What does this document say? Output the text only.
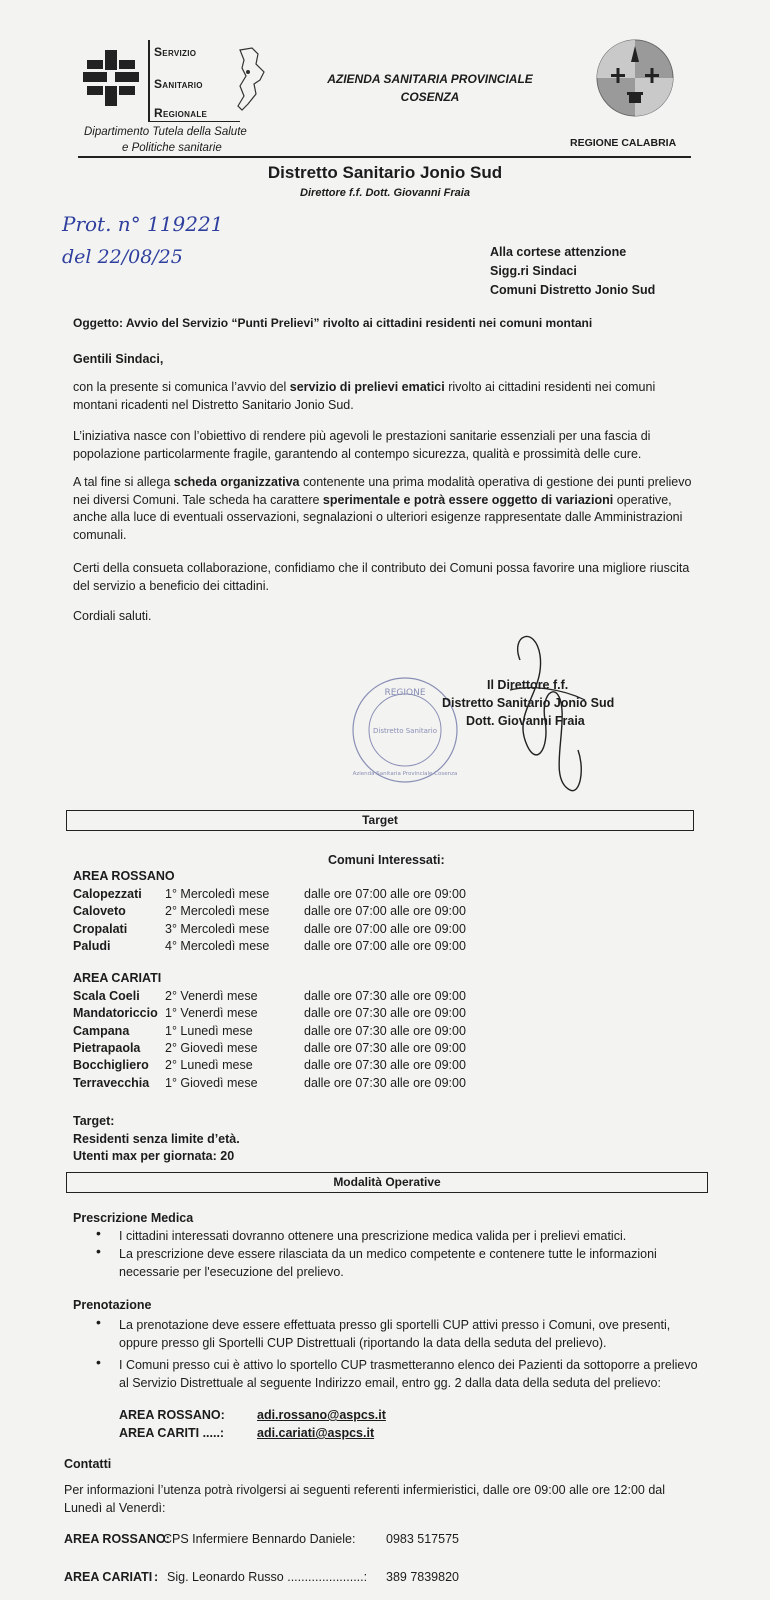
Servizio
Sanitario
Regionale
Dipartimento Tutela della Salute
e Politiche sanitarie
AZIENDA SANITARIA PROVINCIALE
COSENZA
REGIONE CALABRIA
Distretto Sanitario Jonio Sud
Direttore f.f. Dott. Giovanni Fraia
Prot. n° 119221
del 22/08/25	Alla cortese attenzione
Sigg.ri Sindaci
Comuni Distretto Jonio Sud
Oggetto: Avvio del Servizio “Punti Prelievi” rivolto ai cittadini residenti nei comuni montani
Gentili Sindaci,
con la presente si comunica l’avvio del servizio di prelievi ematici rivolto ai cittadini residenti nei comuni montani ricadenti nel Distretto Sanitario Jonio Sud.
L’iniziativa nasce con l’obiettivo di rendere più agevoli le prestazioni sanitarie essenziali per una fascia di popolazione particolarmente fragile, garantendo al contempo sicurezza, qualità e prossimità delle cure.
A tal fine si allega scheda organizzativa contenente una prima modalità operativa di gestione dei punti prelievo nei diversi Comuni. Tale scheda ha carattere sperimentale e potrà essere oggetto di variazioni operative, anche alla luce di eventuali osservazioni, segnalazioni o ulteriori esigenze rappresentate dalle Amministrazioni comunali.
Certi della consueta collaborazione, confidiamo che il contributo dei Comuni possa favorire una migliore riuscita del servizio a beneficio dei cittadini.
Cordiali saluti.
REGIONE
Distretto Sanitario
Azienda Sanitaria Provinciale Cosenza
Il Direttore f.f.
Distretto Sanitario Jonio Sud
Dott. Giovanni Fraia
Target
Comuni Interessati:
AREA ROSSANO
Calopezzati 1° Mercoledì mese	dalle ore 07:00 alle ore 09:00
Caloveto	2° Mercoledì mese	dalle ore 07:00 alle ore 09:00
Cropalati	3° Mercoledì mese	dalle ore 07:00 alle ore 09:00
Paludi	4° Mercoledì mese	dalle ore 07:00 alle ore 09:00
AREA CARIATI
Scala Coeli 2° Venerdì mese	dalle ore 07:30 alle ore 09:00
Mandatoriccio 1° Venerdì mese	dalle ore 07:30 alle ore 09:00
Campana	1° Lunedì mese	dalle ore 07:30 alle ore 09:00
Pietrapaola 2° Giovedì mese	dalle ore 07:30 alle ore 09:00
Bocchigliero 2° Lunedì mese	dalle ore 07:30 alle ore 09:00
Terravecchia 1° Giovedì mese	dalle ore 07:30 alle ore 09:00
Target:
Residenti senza limite d’età.
Utenti max per giornata: 20
Modalità Operative
Prescrizione Medica
• I cittadini interessati dovranno ottenere una prescrizione medica valida per i prelievi ematici.
• La prescrizione deve essere rilasciata da un medico competente e contenere tutte le informazioni necessarie per l'esecuzione del prelievo.
Prenotazione
• La prenotazione deve essere effettuata presso gli sportelli CUP attivi presso i Comuni, ove presenti, oppure presso gli Sportelli CUP Distrettuali (riportando la data della seduta del prelievo).
• I Comuni presso cui è attivo lo sportello CUP trasmetteranno elenco dei Pazienti da sottoporre a prelievo al Servizio Distrettuale al seguente Indirizzo email, entro gg. 2 dalla data della seduta del prelievo:
AREA ROSSANO:	adi.rossano@aspcs.it
AREA CARITI .....:	adi.cariati@aspcs.it
Contatti
Per informazioni l’utenza potrà rivolgersi ai seguenti referenti infermieristici, dalle ore 09:00 alle ore 12:00 dal Lunedì al Venerdì:
AREA ROSSANO:
CPS Infermiere Bennardo Daniele: 0983 517575
AREA CARIATI : Sig. Leonardo Russo ......................: 389 7839820
